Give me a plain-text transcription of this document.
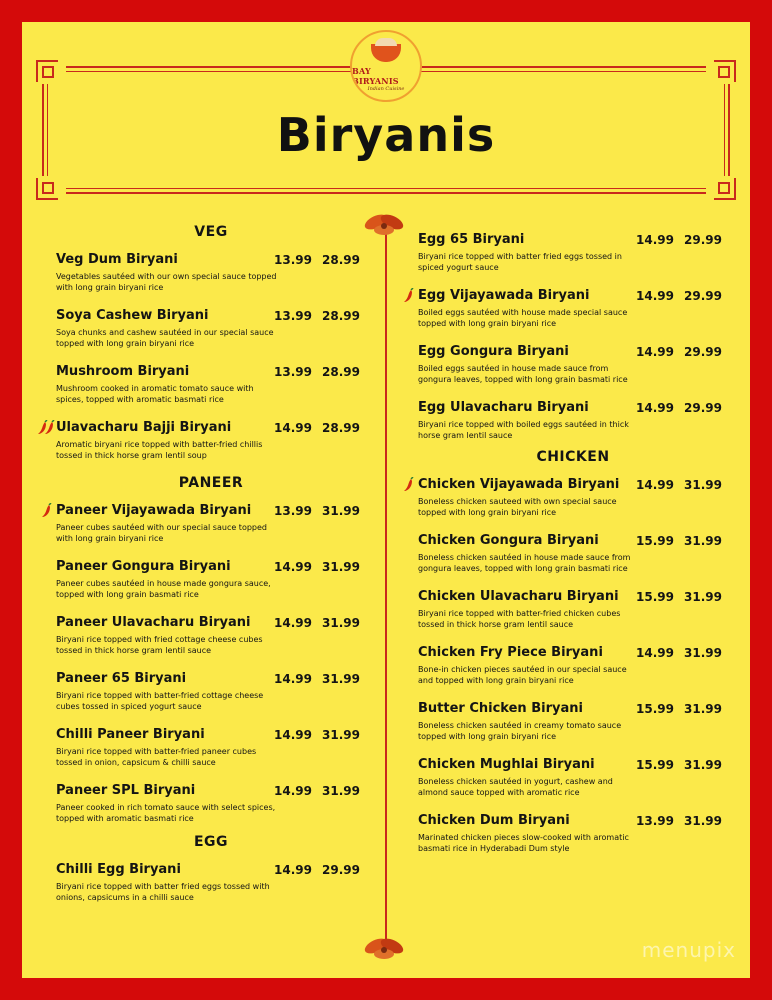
BAY BIRYANIS
Indian Cuisine
Biryanis
VEG
Veg Dum Biryani	13.99 28.99
Vegetables sautéed with our own special sauce topped with long grain biryani rice
Soya Cashew Biryani	13.99 28.99
Soya chunks and cashew sautéed in our special sauce topped with long grain biryani rice
Mushroom Biryani	13.99 28.99
Mushroom cooked in aromatic tomato sauce with spices, topped with aromatic basmati rice
Ulavacharu Bajji Biryani	14.99 28.99
Aromatic biryani rice topped with batter-fried chillis tossed in thick horse gram lentil soup
PANEER
Paneer Vijayawada Biryani	13.99 31.99
Paneer cubes sautéed with our special sauce topped with long grain biryani rice
Paneer Gongura Biryani	14.99 31.99
Paneer cubes sautéed in house made gongura sauce, topped with long grain basmati rice
Paneer Ulavacharu Biryani	14.99 31.99
Biryani rice topped with fried cottage cheese cubes tossed in thick horse gram lentil sauce
Paneer 65 Biryani	14.99 31.99
Biryani rice topped with batter-fried cottage cheese cubes tossed in spiced yogurt sauce
Chilli Paneer Biryani	14.99 31.99
Biryani rice topped with batter-fried paneer cubes tossed in onion, capsicum & chilli sauce
Paneer SPL Biryani	14.99 31.99
Paneer cooked in rich tomato sauce with select spices, topped with aromatic basmati rice
EGG
Chilli Egg Biryani	14.99 29.99
Biryani rice topped with batter fried eggs tossed with onions, capsicums in a chilli sauce
Egg 65 Biryani	14.99 29.99
Biryani rice topped with batter fried eggs tossed in spiced yogurt sauce
Egg Vijayawada Biryani	14.99 29.99
Boiled eggs sautéed with house made special sauce topped with long grain biryani rice
Egg Gongura Biryani	14.99 29.99
Boiled eggs sautéed in house made sauce from gongura leaves, topped with long grain basmati rice
Egg Ulavacharu Biryani	14.99 29.99
Biryani rice topped with boiled eggs sautéed in thick horse gram lentil sauce
CHICKEN
Chicken Vijayawada Biryani	14.99 31.99
Boneless chicken sauteed with own special sauce topped with long grain biryani rice
Chicken Gongura Biryani	15.99 31.99
Boneless chicken sautéed in house made sauce from gongura leaves, topped with long grain basmati rice
Chicken Ulavacharu Biryani	15.99 31.99
Biryani rice topped with batter-fried chicken cubes tossed in thick horse gram lentil sauce
Chicken Fry Piece Biryani	14.99 31.99
Bone-in chicken pieces sautéed in our special sauce and topped with long grain biryani rice
Butter Chicken Biryani	15.99 31.99
Boneless chicken sautéed in creamy tomato sauce topped with long grain biryani rice
Chicken Mughlai Biryani	15.99 31.99
Boneless chicken sautéed in yogurt, cashew and almond sauce topped with aromatic rice
Chicken Dum Biryani	13.99 31.99
Marinated chicken pieces slow-cooked with aromatic basmati rice in Hyderabadi Dum style
menupix
